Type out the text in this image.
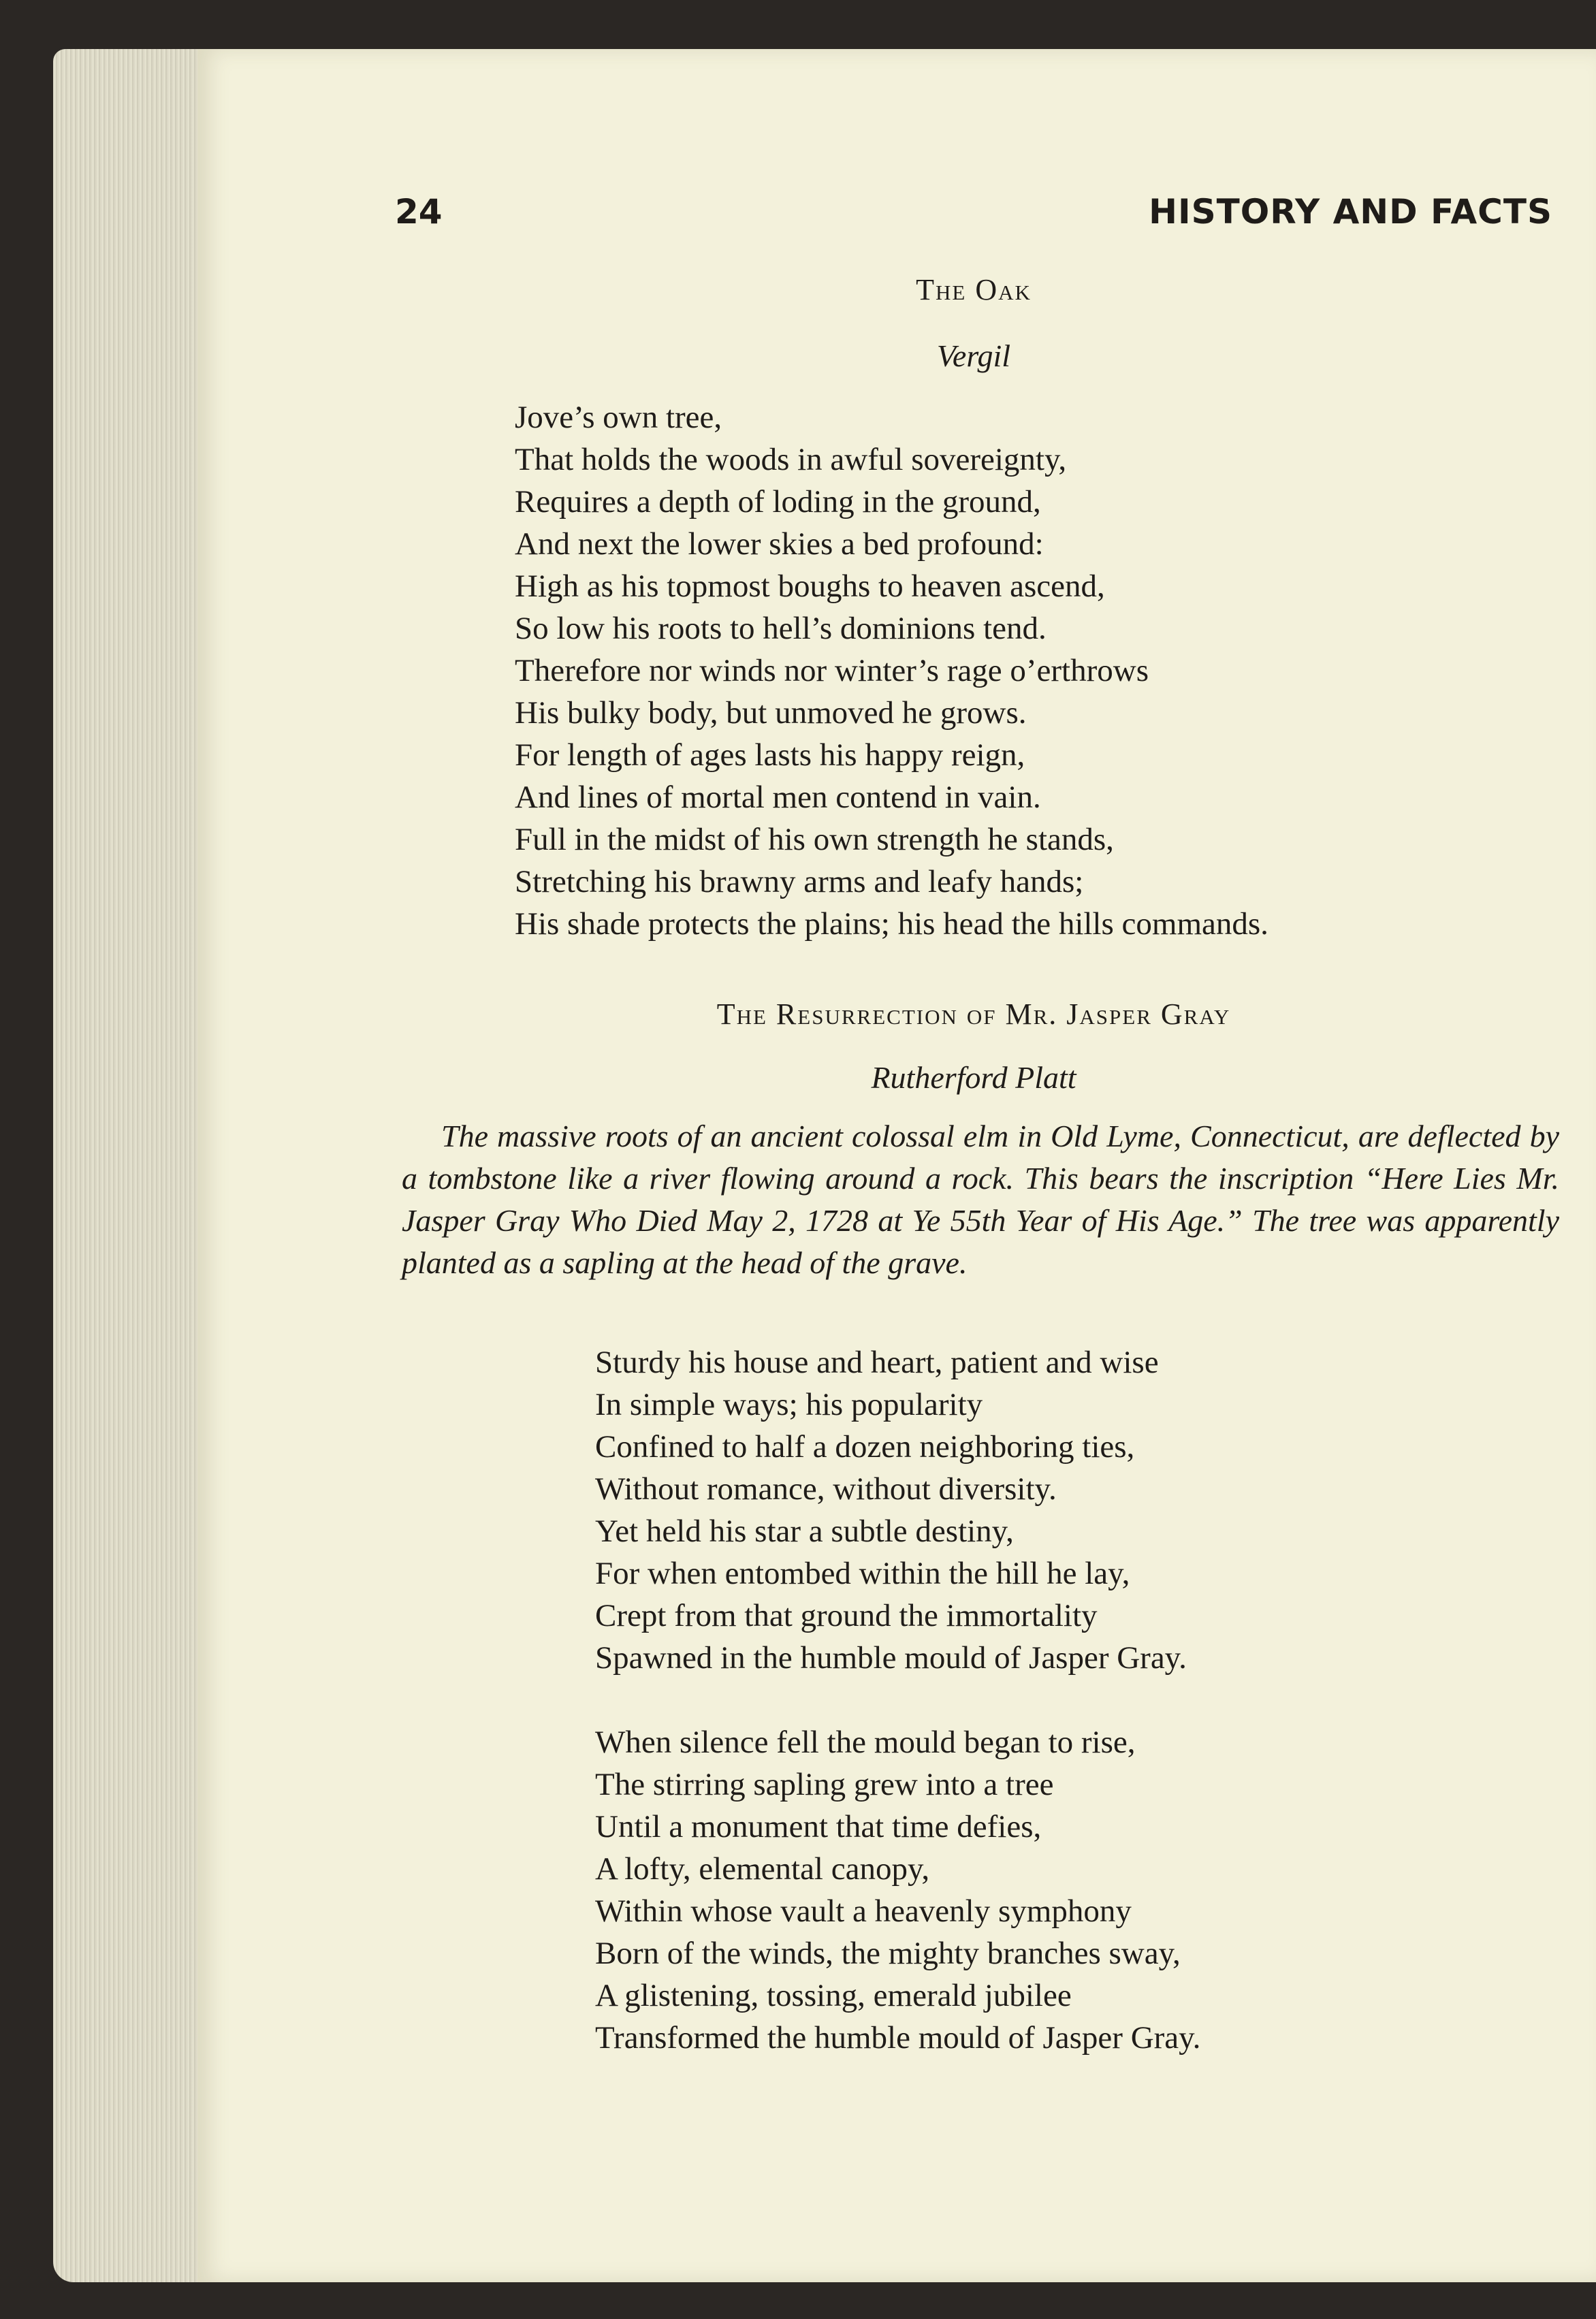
24	HISTORY AND FACTS
The Oak
Vergil
Jove’s own tree,
That holds the woods in awful sovereignty,
Requires a depth of loding in the ground,
And next the lower skies a bed profound:
High as his topmost boughs to heaven ascend,
So low his roots to hell’s dominions tend.
Therefore nor winds nor winter’s rage o’erthrows
His bulky body, but unmoved he grows.
For length of ages lasts his happy reign,
And lines of mortal men contend in vain.
Full in the midst of his own strength he stands,
Stretching his brawny arms and leafy hands;
His shade protects the plains; his head the hills commands.
The Resurrection of Mr. Jasper Gray
Rutherford Platt

The massive roots of an ancient colossal elm in Old Lyme, Connecticut, are deflected by a tombstone like a river flowing around a rock. This bears the inscription “Here Lies Mr. Jasper Gray Who Died May 2, 1728 at Ye 55th Year of His Age.” The tree was apparently planted as a sapling at the head of the grave.

Sturdy his house and heart, patient and wise
In simple ways; his popularity
Confined to half a dozen neighboring ties,
Without romance, without diversity.
Yet held his star a subtle destiny,
For when entombed within the hill he lay,
Crept from that ground the immortality
Spawned in the humble mould of Jasper Gray.
When silence fell the mould began to rise,
The stirring sapling grew into a tree
Until a monument that time defies,
A lofty, elemental canopy,
Within whose vault a heavenly symphony
Born of the winds, the mighty branches sway,
A glistening, tossing, emerald jubilee
Transformed the humble mould of Jasper Gray.
